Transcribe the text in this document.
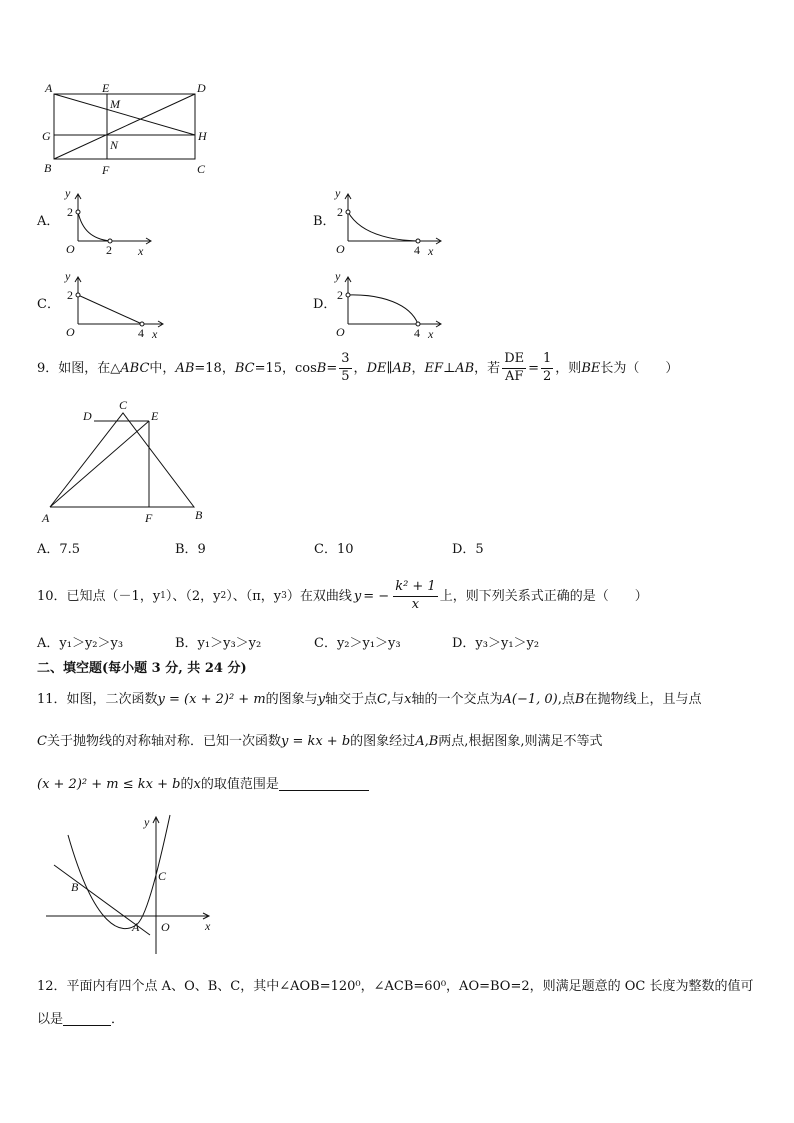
A	E	D
M
G	H
N
B	F	C
A．
y
2
O	2 x
B．
y
2
O	4 x
C．
y
2
O	4 x
D．
y
2
O	4 x
9．如图，在△ ABC 中， AB =18， BC =15，$\cos B = \frac{3}{5}$ ， DE ∥ AB ， EF ⊥ AB ，若 $\frac{DE}{AF} = \frac{1}{2}$ ，则 BE 长为（　　）
C
D	E
A	F	B
A．7.5	B．9	C．10	D．5
10．已知点（－1，y 1 ）、（2，y 2 ）、（π，y 3 ）在双曲线 y = − $\frac{\text{k² + 1}}{x}$ 上，则下列关系式正确的是（　　）
A．y₁＞y₂＞y₃	B．y₁＞y₃＞y₂	C．y₂＞y₁＞y₃	D．y₃＞y₁＞y₂
二、填空题(每小题 3 分, 共 24 分)
11．如图，二次函数y = (x + 2)² + m的图象与y轴交于点C,与x轴的一个交点为A(−1, 0),点B在抛物线上，且与点
C关于抛物线的对称轴对称．已知一次函数y = kx + b的图象经过A,B两点,根据图象,则满足不等式
(x + 2)² + m ≤ kx + b的x的取值范围是
y
x
B
C
A O
12．平面内有四个点 A、O、B、C，其中∠AOB=120⁰，∠ACB=60⁰，AO=BO=2，则满足题意的 OC 长度为整数的值可
以是	．
